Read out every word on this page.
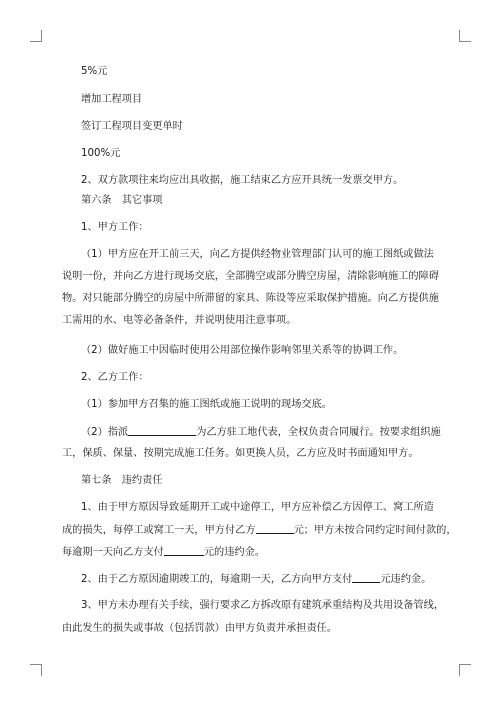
5%元
增加工程项目
签订工程项目变更单时
100%元
2、双方款项往来均应出具收据，施工结束乙方应开具统一发票交甲方。
第六条　其它事项
1、甲方工作：
（1）甲方应在开工前三天，向乙方提供经物业管理部门认可的施工图纸或做法
说明一份，并向乙方进行现场交底，全部腾空或部分腾空房屋，清除影响施工的障碍
物。对只能部分腾空的房屋中所滞留的家具、陈设等应采取保护措施。向乙方提供施
工需用的水、电等必备条件，并说明使用注意事项。
（2）做好施工中因临时使用公用部位操作影响邻里关系等的协调工作。
2、乙方工作：
（1）参加甲方召集的施工图纸或施工说明的现场交底。
（2）指派	为乙方驻工地代表，全权负责合同履行。按要求组织施
工，保质、保量、按期完成施工任务。如更换人员，乙方应及时书面通知甲方。
第七条　违约责任
1、由于甲方原因导致延期开工或中途停工，甲方应补偿乙方因停工、窝工所造
成的损失，每停工或窝工一天，甲方付乙方	元；甲方未按合同约定时间付款的，
每逾期一天向乙方支付	元的违约金。
2、由于乙方原因逾期竣工的，每逾期一天，乙方向甲方支付	元违约金。
3、甲方未办理有关手续，强行要求乙方拆改原有建筑承重结构及共用设备管线，
由此发生的损失或事故（包括罚款）由甲方负责并承担责任。
